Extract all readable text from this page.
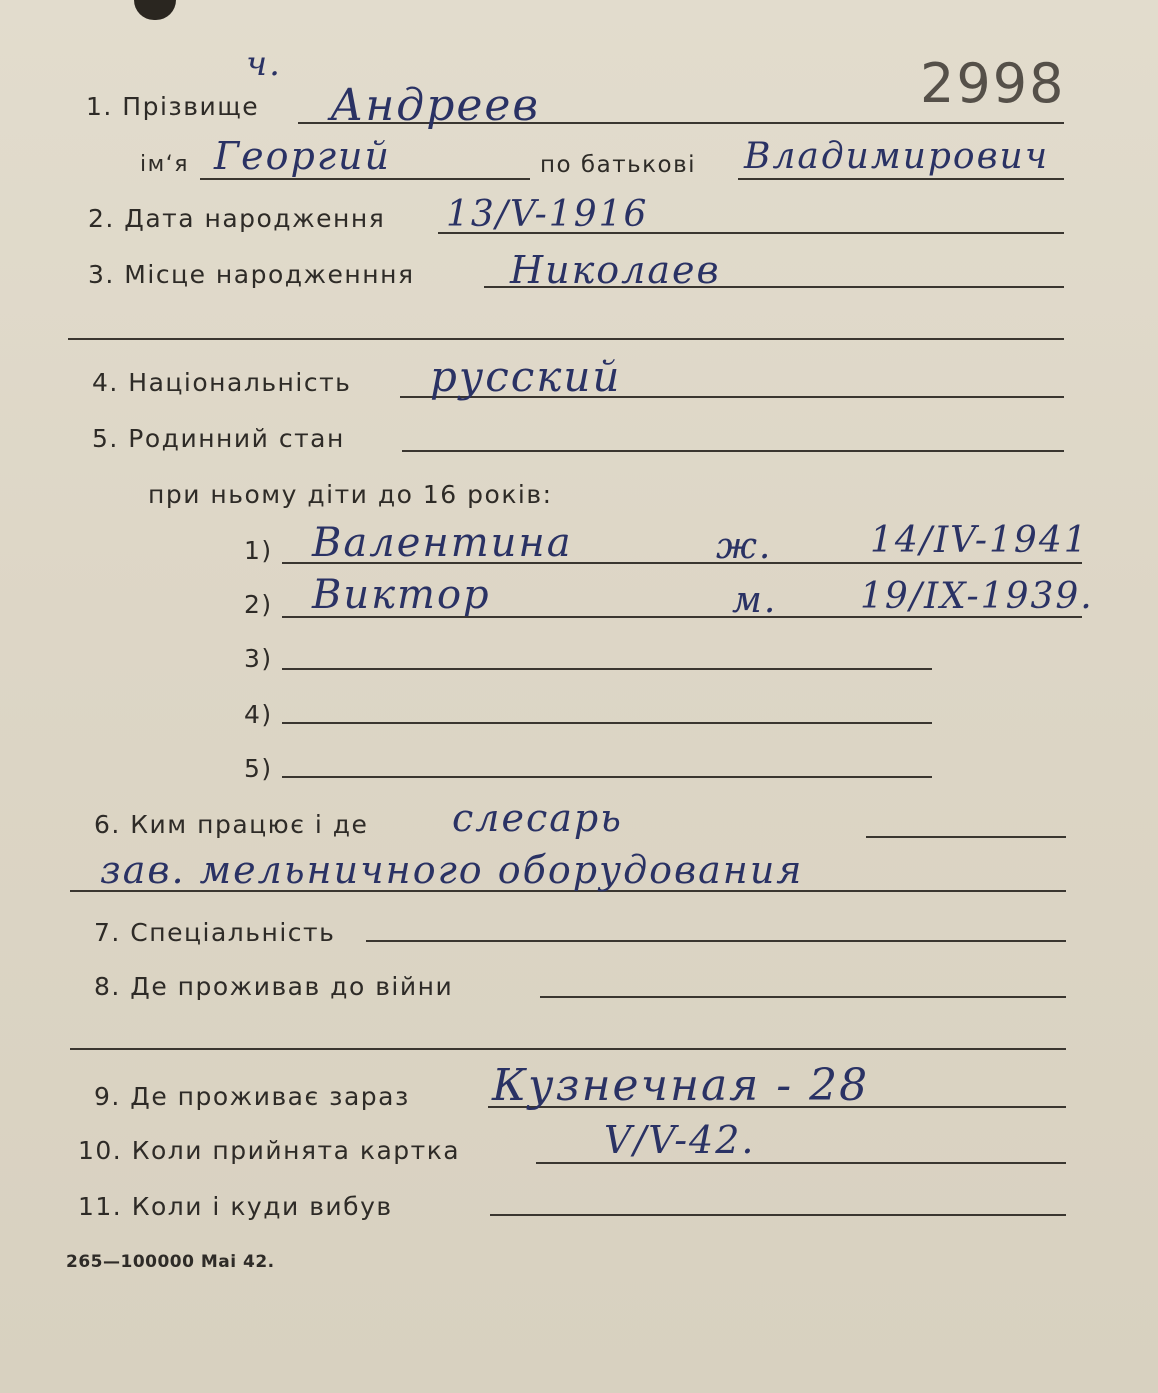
2998
ч.
1. Прізвище Андреев
ім‘я Георгий	по батькові Владимирович
2. Дата народження 13/V-1916
3. Місце народженння	Николаев
4. Національність русский
5. Родинний стан
при ньому діти до 16 років:
1) Валентина	ж.	14/IV-1941
2) Виктор	м. 19/IX-1939.
3)
4)
5)
6. Ким працює і де слесарь
зав. мельничного оборудования
7. Спеціальність
8. Де проживав до війни
9. Де проживає зараз Кузнечная - 28
10. Коли прийнята картка	V/V-42.
11. Коли і куди вибув
265—100000 Маі 42.
